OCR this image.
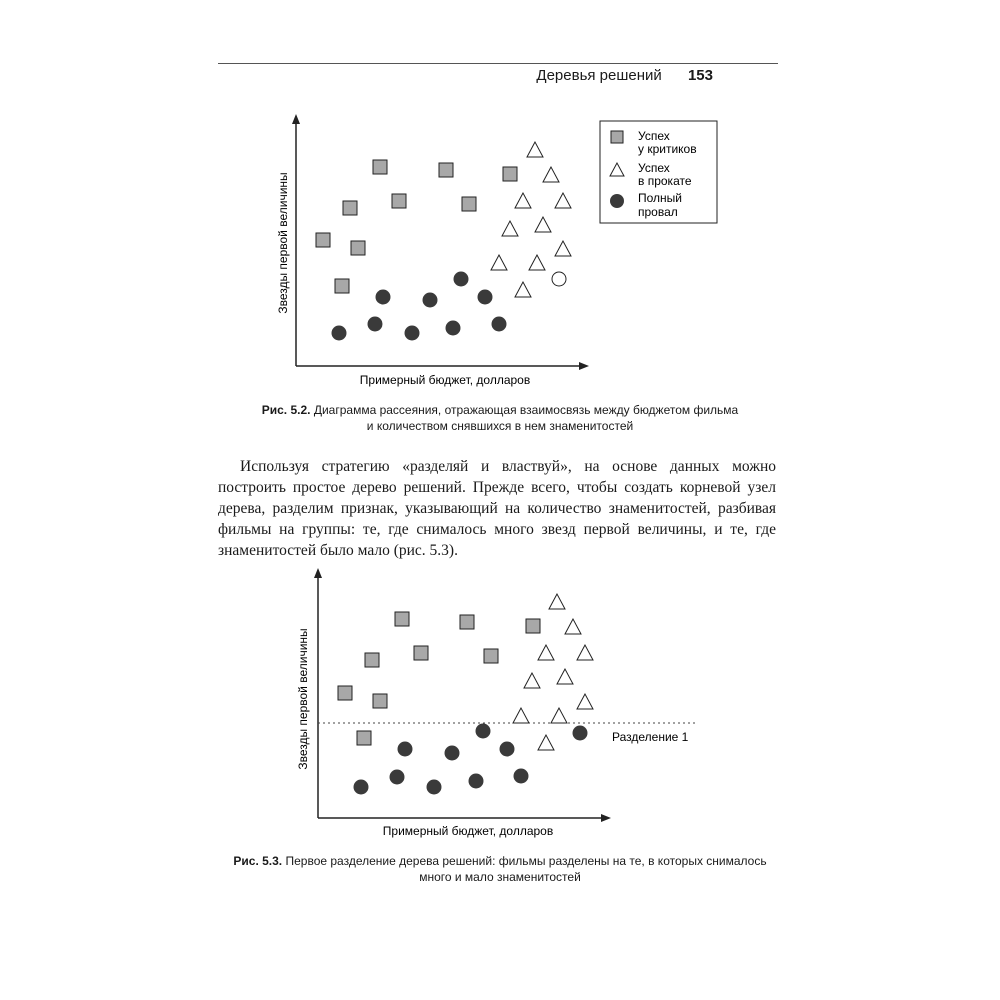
Деревья решений 153
Звезды первой величины
Примерный бюджет, долларов
Успех
у критиков
Успех
в прокате
Полный
провал
Рис. 5.2. Диаграмма рассеяния, отражающая взаимосвязь между бюджетом фильма
и количеством снявшихся в нем знаменитостей

Используя стратегию «разделяй и властвуй», на основе данных можно построить простое дерево решений. Прежде всего, чтобы создать корневой узел дерева, разделим признак, указывающий на количество знаменитостей, разбивая фильмы на группы: те, где снималось много звезд первой величины, и те, где знаменитостей было мало (рис. 5.3).

Разделение 1
Звезды первой величины
Примерный бюджет, долларов
Рис. 5.3. Первое разделение дерева решений: фильмы разделены на те, в которых снималось
много и мало знаменитостей
